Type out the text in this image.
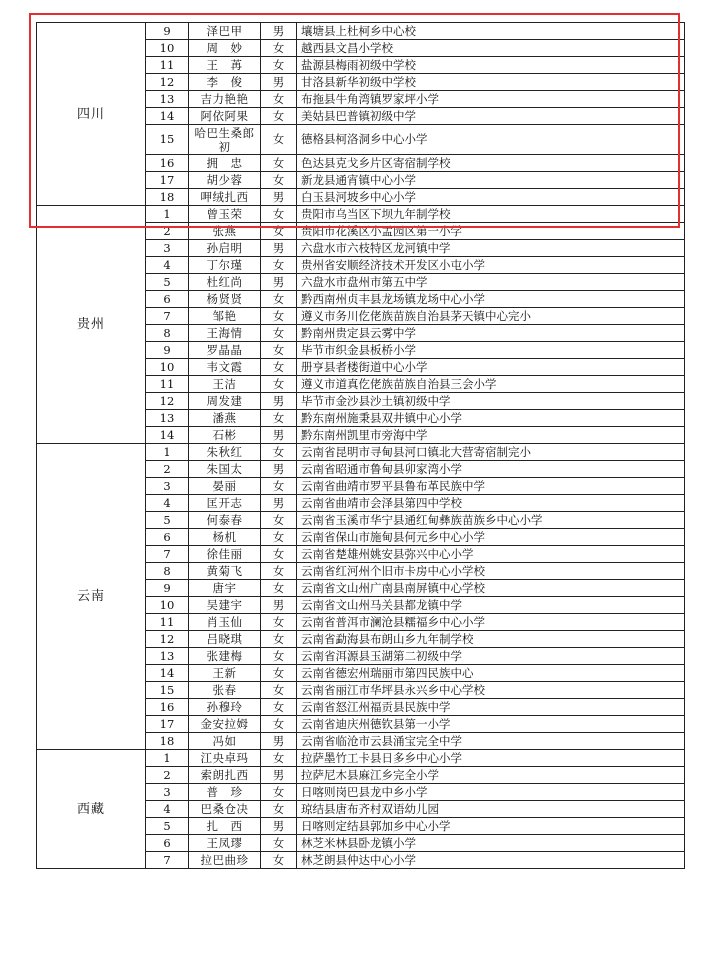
四川	9	泽巴甲	男	壤塘县上杜柯乡中心校
	10	周　妙	女	越西县文昌小学校
	11	王　苒	女	盐源县梅雨初级中学校
	12	李　俊	男	甘洛县新华初级中学校
	13	吉力艳艳	女	布拖县牛角湾镇罗家坪小学
	14	阿依阿果	女	美姑县巴普镇初级中学
	15	哈巴生桑郎初	女	德格县柯洛洞乡中心小学
	16	拥　忠	女	色达县克戈乡片区寄宿制学校
	17	胡少蓉	女	新龙县通宵镇中心小学
	18	呷绒扎西	男	白玉县河坡乡中心小学
贵州	1	曾玉荣	女	贵阳市乌当区下坝九年制学校
	2	张燕	女	贵阳市花溪区小孟园区第一小学
	3	孙启明	男	六盘水市六枝特区龙河镇中学
	4	丁尔瑾	女	贵州省安顺经济技术开发区小屯小学
	5	杜红尚	男	六盘水市盘州市第五中学
	6	杨贤贤	女	黔西南州贞丰县龙场镇龙场中心小学
	7	邹艳	女	遵义市务川仡佬族苗族自治县茅天镇中心完小
	8	王海情	女	黔南州贵定县云雾中学
	9	罗晶晶	女	毕节市织金县板桥小学
	10	韦文霞	女	册亨县者楼街道中心小学
	11	王洁	女	遵义市道真仡佬族苗族自治县三会小学
	12	周发建	男	毕节市金沙县沙土镇初级中学
	13	潘燕	女	黔东南州施秉县双井镇中心小学
	14	石彬	男	黔东南州凯里市旁海中学
云南	1	朱秋红	女	云南省昆明市寻甸县河口镇北大营寄宿制完小
	2	朱国太	男	云南省昭通市鲁甸县卯家湾小学
	3	晏丽	女	云南省曲靖市罗平县鲁布革民族中学
	4	匡开志	男	云南省曲靖市会泽县第四中学校
	5	何泰春	女	云南省玉溪市华宁县通红甸彝族苗族乡中心小学
	6	杨机	女	云南省保山市施甸县何元乡中心小学
	7	徐佳丽	女	云南省楚雄州姚安县弥兴中心小学
	8	黄菊飞	女	云南省红河州个旧市卡房中心小学校
	9	唐宇	女	云南省文山州广南县南屏镇中心学校
	10	吴建宇	男	云南省文山州马关县都龙镇中学
	11	肖玉仙	女	云南省普洱市澜沧县糯福乡中心小学
	12	吕晓琪	女	云南省勐海县布朗山乡九年制学校
	13	张建梅	女	云南省洱源县玉湖第二初级中学
	14	王新	女	云南省德宏州瑞丽市第四民族中心
	15	张春	女	云南省丽江市华坪县永兴乡中心学校
	16	孙穆玲	女	云南省怒江州福贡县民族中学
	17	金安拉姆	女	云南省迪庆州德钦县第一小学
	18	冯如	男	云南省临沧市云县涌宝完全中学
西藏	1	江央卓玛	女	拉萨墨竹工卡县日多乡中心小学
	2	索朗扎西	男	拉萨尼木县麻江乡完全小学
	3	普　珍	女	日喀则岗巴县龙中乡小学
	4	巴桑仓决	女	琼结县唐布齐村双语幼儿园
	5	扎　西	男	日喀则定结县郭加乡中心小学
	6	王凤璆	女	林芝米林县卧龙镇小学
	7	拉巴曲珍	女	林芝朗县仲达中心小学
